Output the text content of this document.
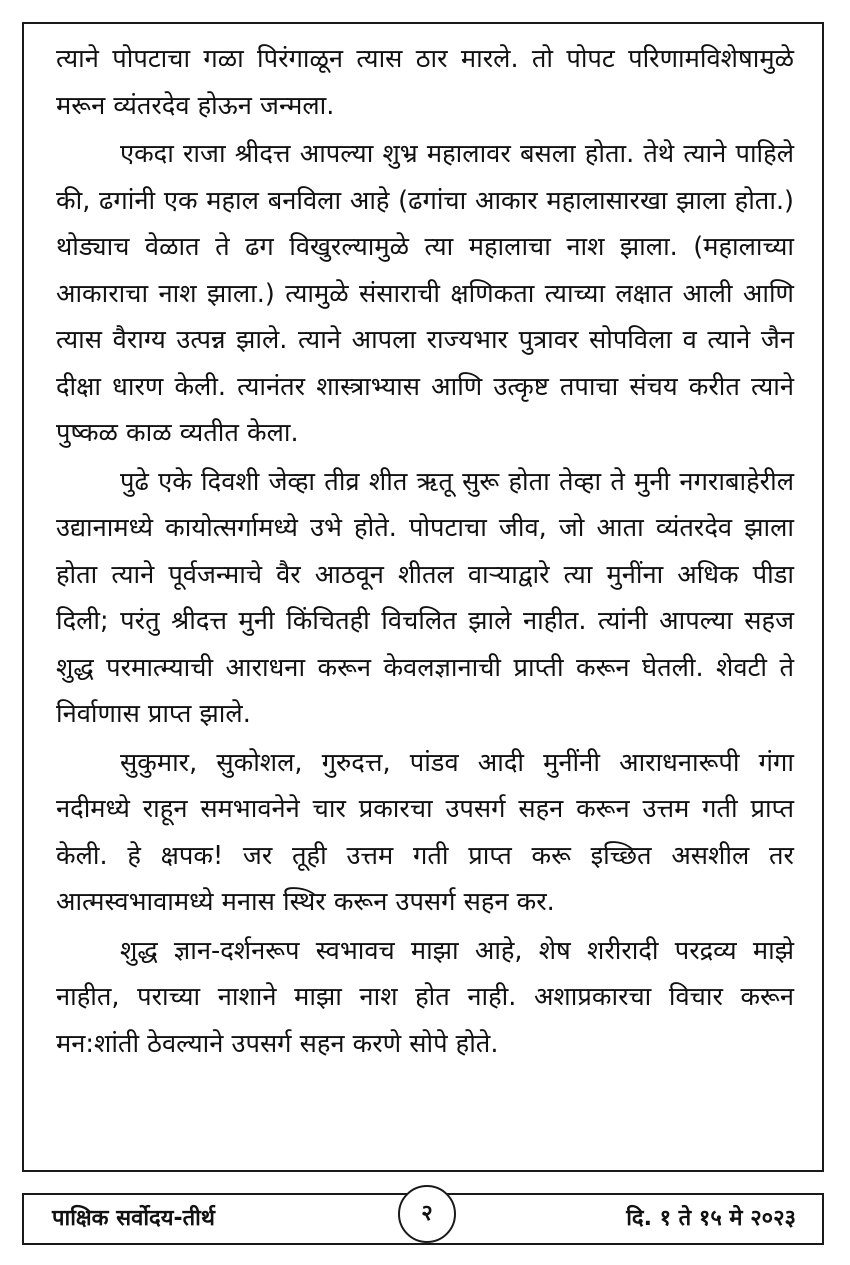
त्याने पोपटाचा गळा पिरंगाळून त्यास ठार मारले. तो पोपट परिणामविशेषामुळे मरून व्यंतरदेव होऊन जन्मला.

एकदा राजा श्रीदत्त आपल्या शुभ्र महालावर बसला होता. तेथे त्याने पाहिले की, ढगांनी एक महाल बनविला आहे (ढगांचा आकार महालासारखा झाला होता.) थोड्याच वेळात ते ढग विखुरल्यामुळे त्या महालाचा नाश झाला. (महालाच्या आकाराचा नाश झाला.) त्यामुळे संसाराची क्षणिकता त्याच्या लक्षात आली आणि त्यास वैराग्य उत्पन्न झाले. त्याने आपला राज्यभार पुत्रावर सोपविला व त्याने जैन दीक्षा धारण केली. त्यानंतर शास्त्राभ्यास आणि उत्कृष्ट तपाचा संचय करीत त्याने पुष्कळ काळ व्यतीत केला.

पुढे एके दिवशी जेव्हा तीव्र शीत ऋतू सुरू होता तेव्हा ते मुनी नगराबाहेरील उद्यानामध्ये कायोत्सर्गामध्ये उभे होते. पोपटाचा जीव, जो आता व्यंतरदेव झाला होता त्याने पूर्वजन्माचे वैर आठवून शीतल वाऱ्याद्वारे त्या मुनींना अधिक पीडा दिली; परंतु श्रीदत्त मुनी किंचितही विचलित झाले नाहीत. त्यांनी आपल्या सहज शुद्ध परमात्म्याची आराधना करून केवलज्ञानाची प्राप्ती करून घेतली. शेवटी ते निर्वाणास प्राप्त झाले.

सुकुमार, सुकोशल, गुरुदत्त, पांडव आदी मुनींनी आराधनारूपी गंगा नदीमध्ये राहून समभावनेने चार प्रकारचा उपसर्ग सहन करून उत्तम गती प्राप्त केली. हे क्षपक! जर तूही उत्तम गती प्राप्त करू इच्छित असशील तर आत्मस्वभावामध्ये मनास स्थिर करून उपसर्ग सहन कर.

शुद्ध ज्ञान-दर्शनरूप स्वभावच माझा आहे, शेष शरीरादी परद्रव्य माझे नाहीत, पराच्या नाशाने माझा नाश होत नाही. अशाप्रकारचा विचार करून मन:शांती ठेवल्याने उपसर्ग सहन करणे सोपे होते.

पाक्षिक सर्वोदय-तीर्थ	२	दि. १ ते १५ मे २०२३
